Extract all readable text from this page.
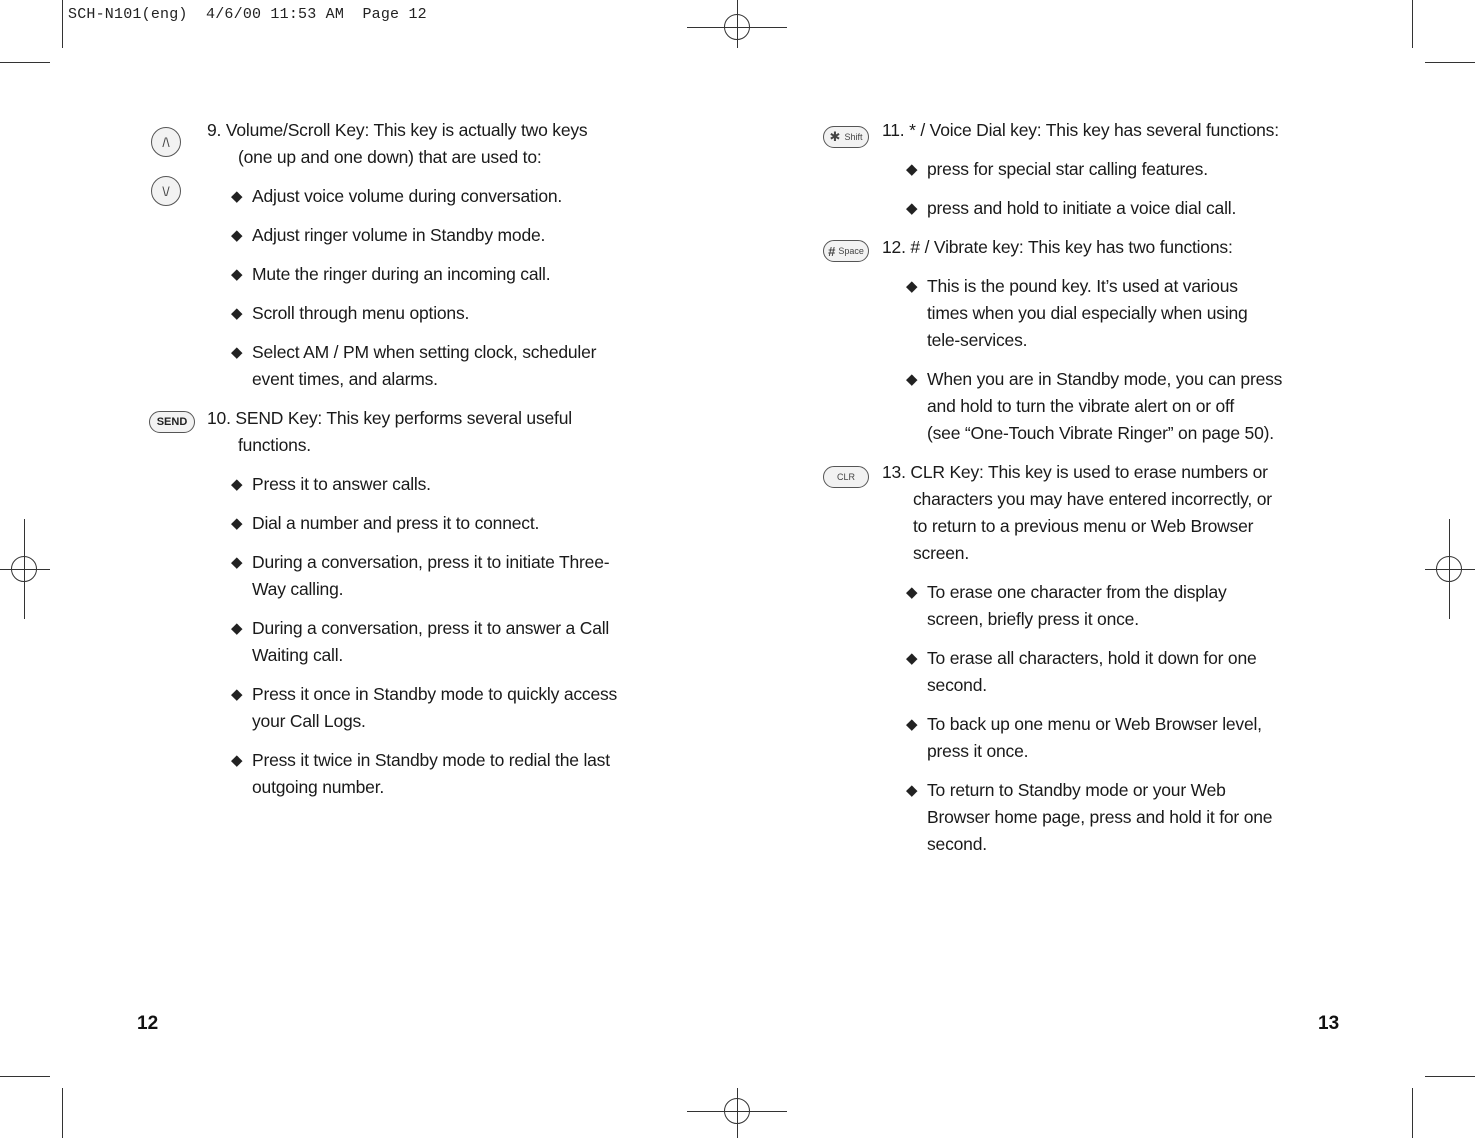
SCH-N101(eng)  4/6/00 11:53 AM  Page 12
/\
\/
SEND
✱ Shift
# Space
CLR
9. Volume/Scroll Key: This key is actually two keys
(one up and one down) that are used to:
◆ Adjust voice volume during conversation.
◆ Adjust ringer volume in Standby mode.
◆ Mute the ringer during an incoming call.
◆ Scroll through menu options.
◆ Select AM / PM when setting clock, scheduler
event times, and alarms.
10. SEND Key: This key performs several useful
functions.
◆ Press it to answer calls.
◆ Dial a number and press it to connect.
◆ During a conversation, press it to initiate Three-
Way calling.
◆ During a conversation, press it to answer a Call
Waiting call.
◆ Press it once in Standby mode to quickly access
your Call Logs.
◆ Press it twice in Standby mode to redial the last
outgoing number.
11. * / Voice Dial key: This key has several functions:
◆ press for special star calling features.
◆ press and hold to initiate a voice dial call.
12. # / Vibrate key: This key has two functions:
◆ This is the pound key. It’s used at various
times when you dial especially when using
tele-services.
◆ When you are in Standby mode, you can press
and hold to turn the vibrate alert on or off
(see “One-Touch Vibrate Ringer” on page 50).
13. CLR Key: This key is used to erase numbers or
characters you may have entered incorrectly, or
to return to a previous menu or Web Browser
screen.
◆ To erase one character from the display
screen, briefly press it once.
◆ To erase all characters, hold it down for one
second.
◆ To back up one menu or Web Browser level,
press it once.
◆ To return to Standby mode or your Web
Browser home page, press and hold it for one
second.
12	13
